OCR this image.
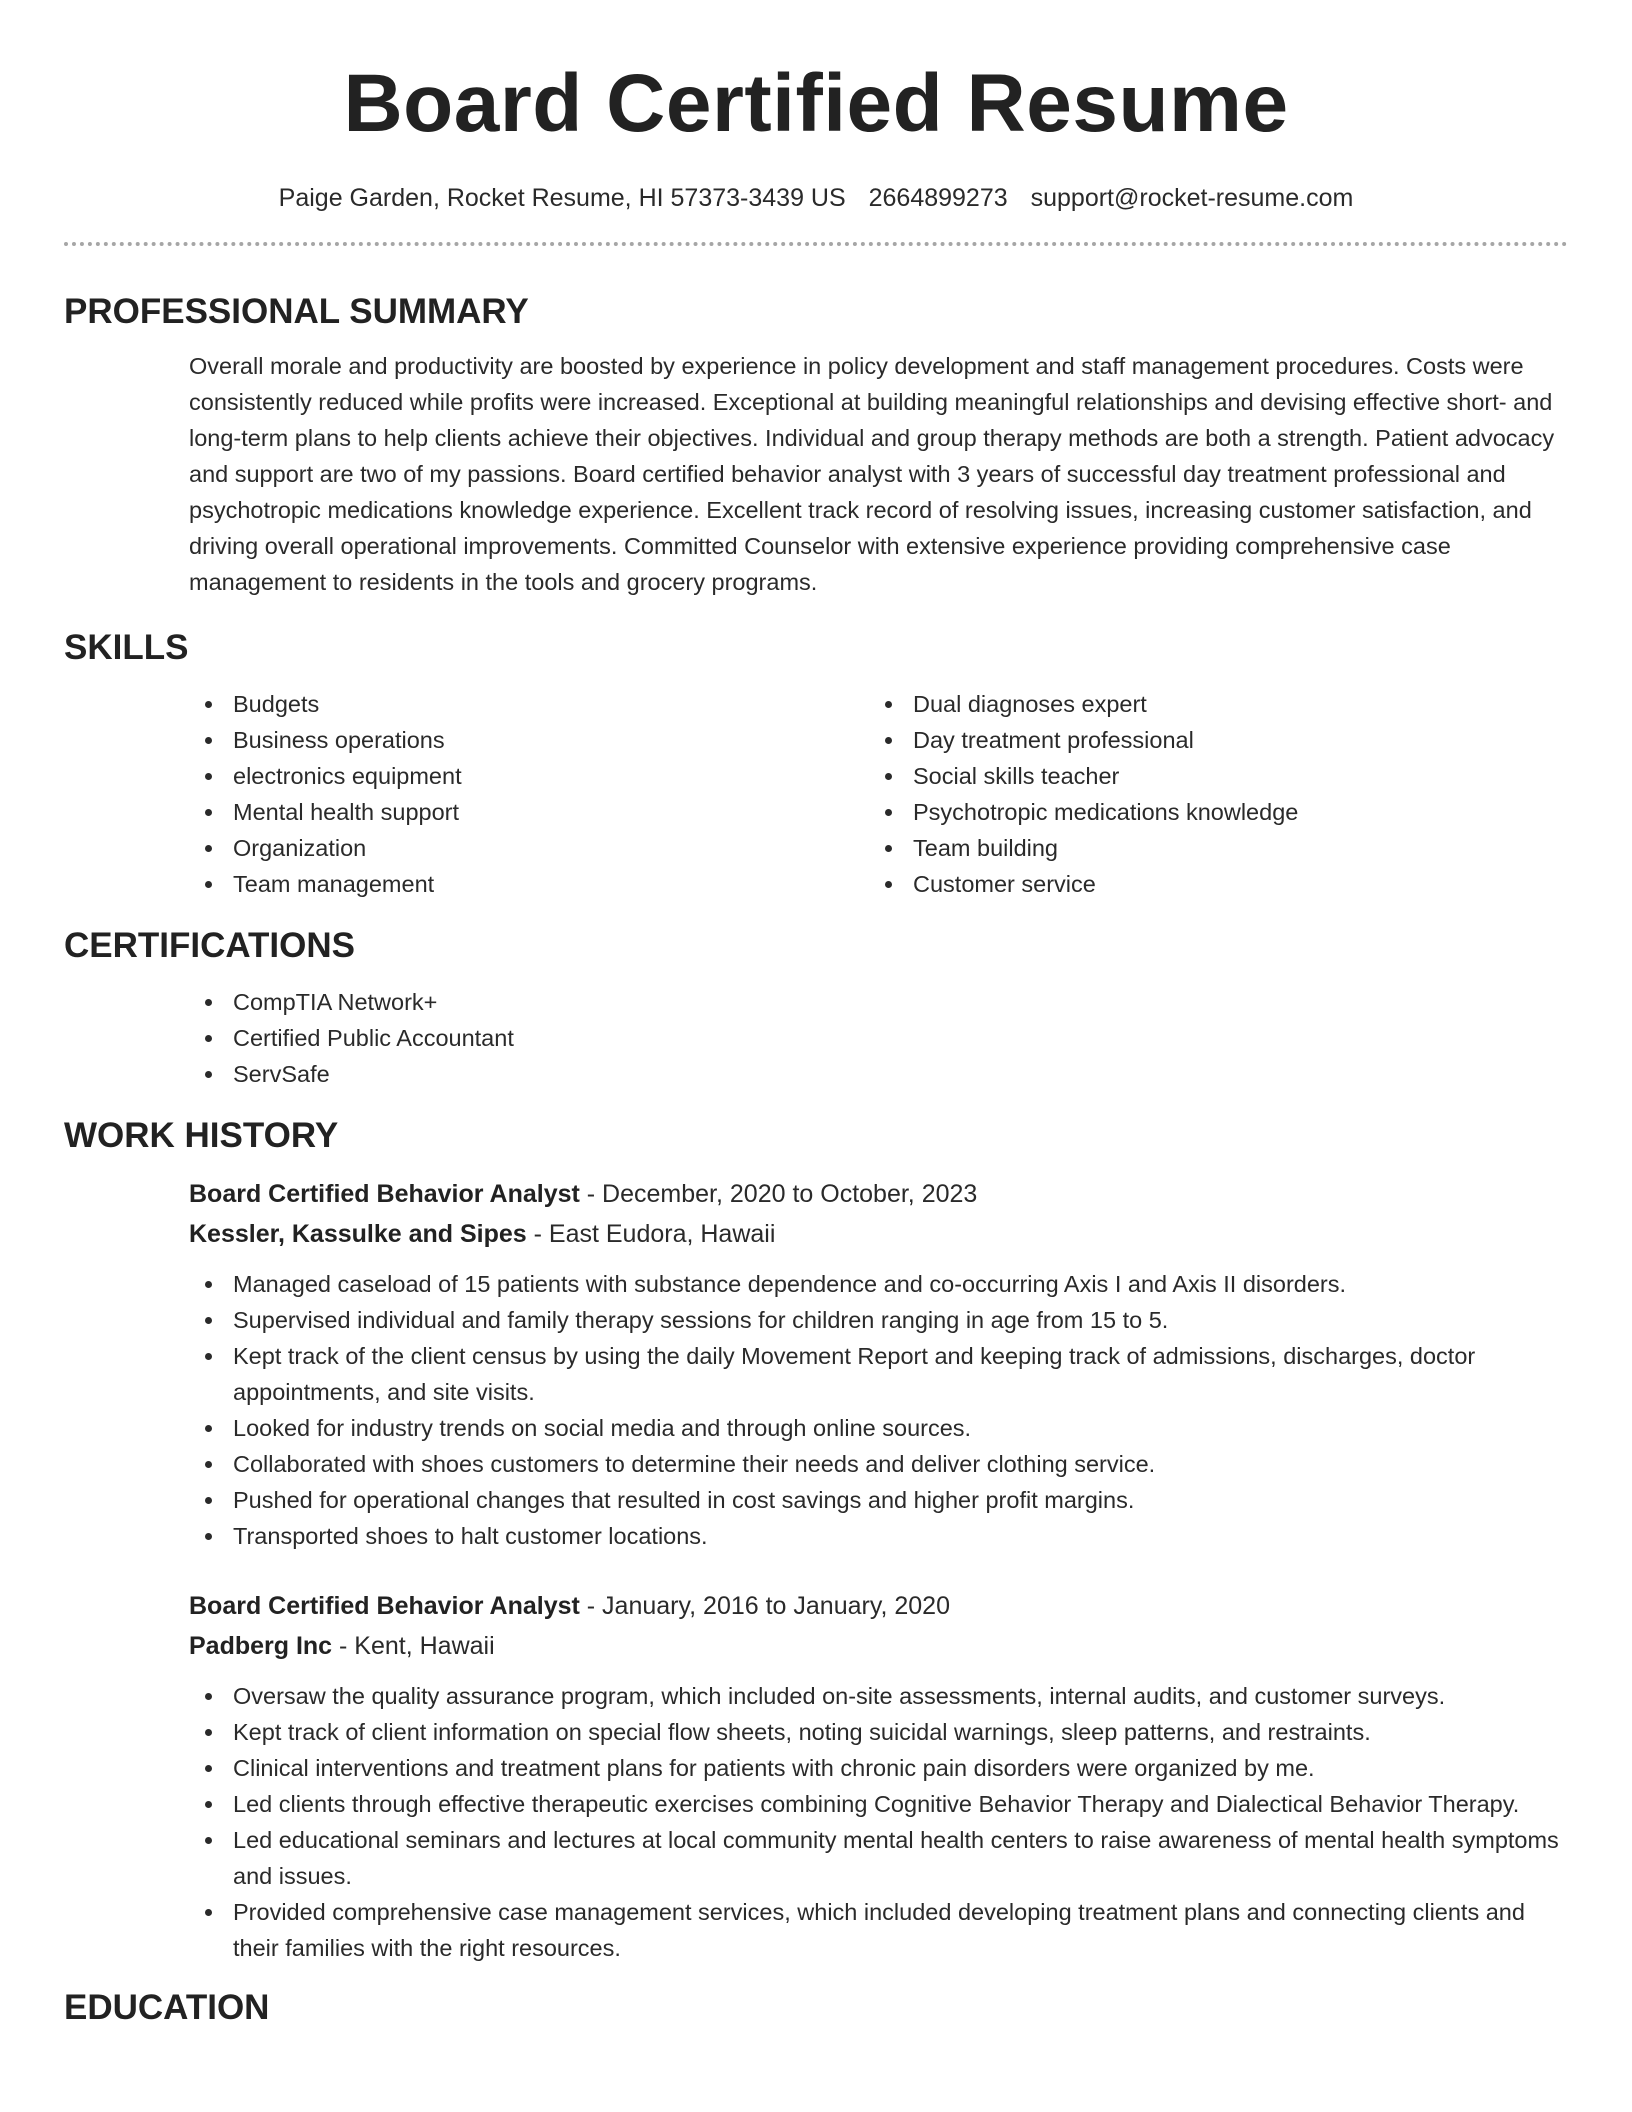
Board Certified Resume
Paige Garden, Rocket Resume, HI 57373-3439 US 2664899273 support@rocket-resume.com
PROFESSIONAL SUMMARY
Overall morale and productivity are boosted by experience in policy development and staff management procedures. Costs were consistently reduced while profits were increased. Exceptional at building meaningful relationships and devising effective short- and long-term plans to help clients achieve their objectives. Individual and group therapy methods are both a strength. Patient advocacy and support are two of my passions. Board certified behavior analyst with 3 years of successful day treatment professional and psychotropic medications knowledge experience. Excellent track record of resolving issues, increasing customer satisfaction, and driving overall operational improvements. Committed Counselor with extensive experience providing comprehensive case management to residents in the tools and grocery programs.
SKILLS
Budgets
Business operations
electronics equipment
Mental health support
Organization
Team management
Dual diagnoses expert
Day treatment professional
Social skills teacher
Psychotropic medications knowledge
Team building
Customer service
CERTIFICATIONS
CompTIA Network+
Certified Public Accountant
ServSafe
WORK HISTORY
Board Certified Behavior Analyst - December, 2020 to October, 2023
Kessler, Kassulke and Sipes - East Eudora, Hawaii
Managed caseload of 15 patients with substance dependence and co-occurring Axis I and Axis II disorders.
Supervised individual and family therapy sessions for children ranging in age from 15 to 5.
Kept track of the client census by using the daily Movement Report and keeping track of admissions, discharges, doctor appointments, and site visits.
Looked for industry trends on social media and through online sources.
Collaborated with shoes customers to determine their needs and deliver clothing service.
Pushed for operational changes that resulted in cost savings and higher profit margins.
Transported shoes to halt customer locations.
Board Certified Behavior Analyst - January, 2016 to January, 2020
Padberg Inc - Kent, Hawaii
Oversaw the quality assurance program, which included on-site assessments, internal audits, and customer surveys.
Kept track of client information on special flow sheets, noting suicidal warnings, sleep patterns, and restraints.
Clinical interventions and treatment plans for patients with chronic pain disorders were organized by me.
Led clients through effective therapeutic exercises combining Cognitive Behavior Therapy and Dialectical Behavior Therapy.
Led educational seminars and lectures at local community mental health centers to raise awareness of mental health symptoms and issues.
Provided comprehensive case management services, which included developing treatment plans and connecting clients and their families with the right resources.
EDUCATION
